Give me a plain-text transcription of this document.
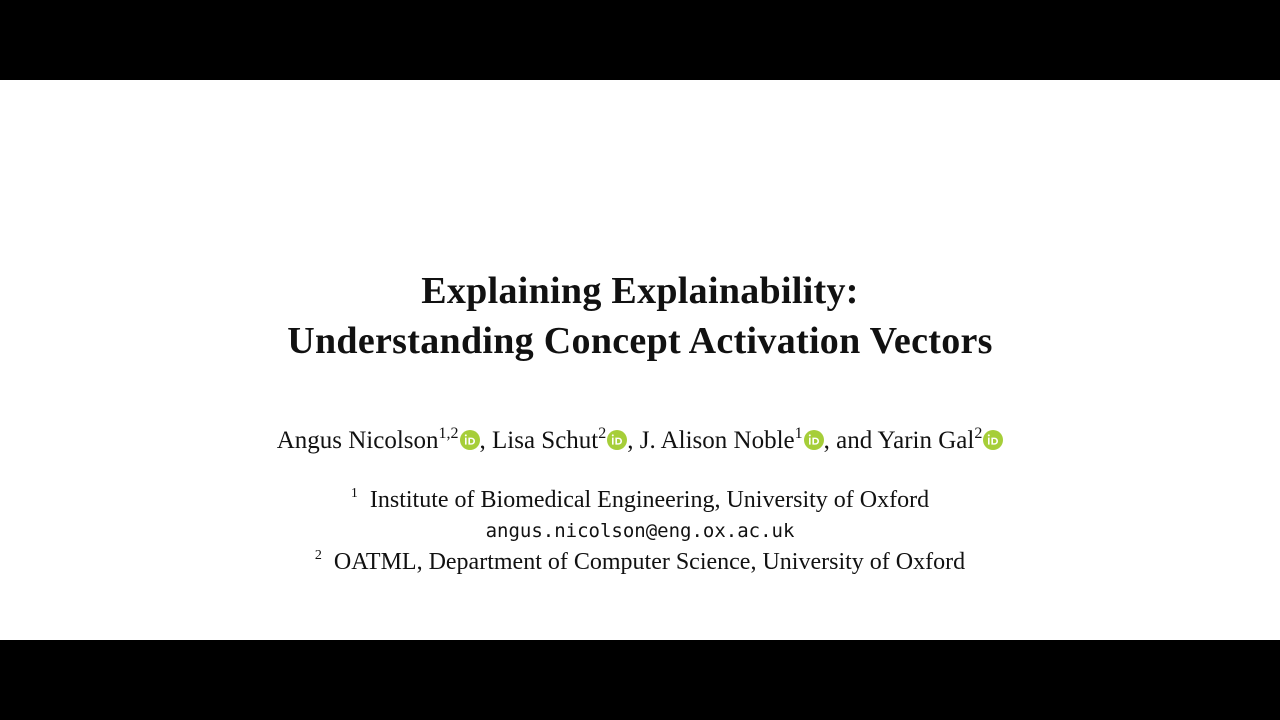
Explaining Explainability:
Understanding Concept Activation Vectors
Angus Nicolson$^{1,2}$ , Lisa Schut$^2$ , J. Alison Noble$^1$ , and Yarin Gal$^2$
$^1$ Institute of Biomedical Engineering, University of Oxford
angus.nicolson@eng.ox.ac.uk
$^2$ OATML, Department of Computer Science, University of Oxford
